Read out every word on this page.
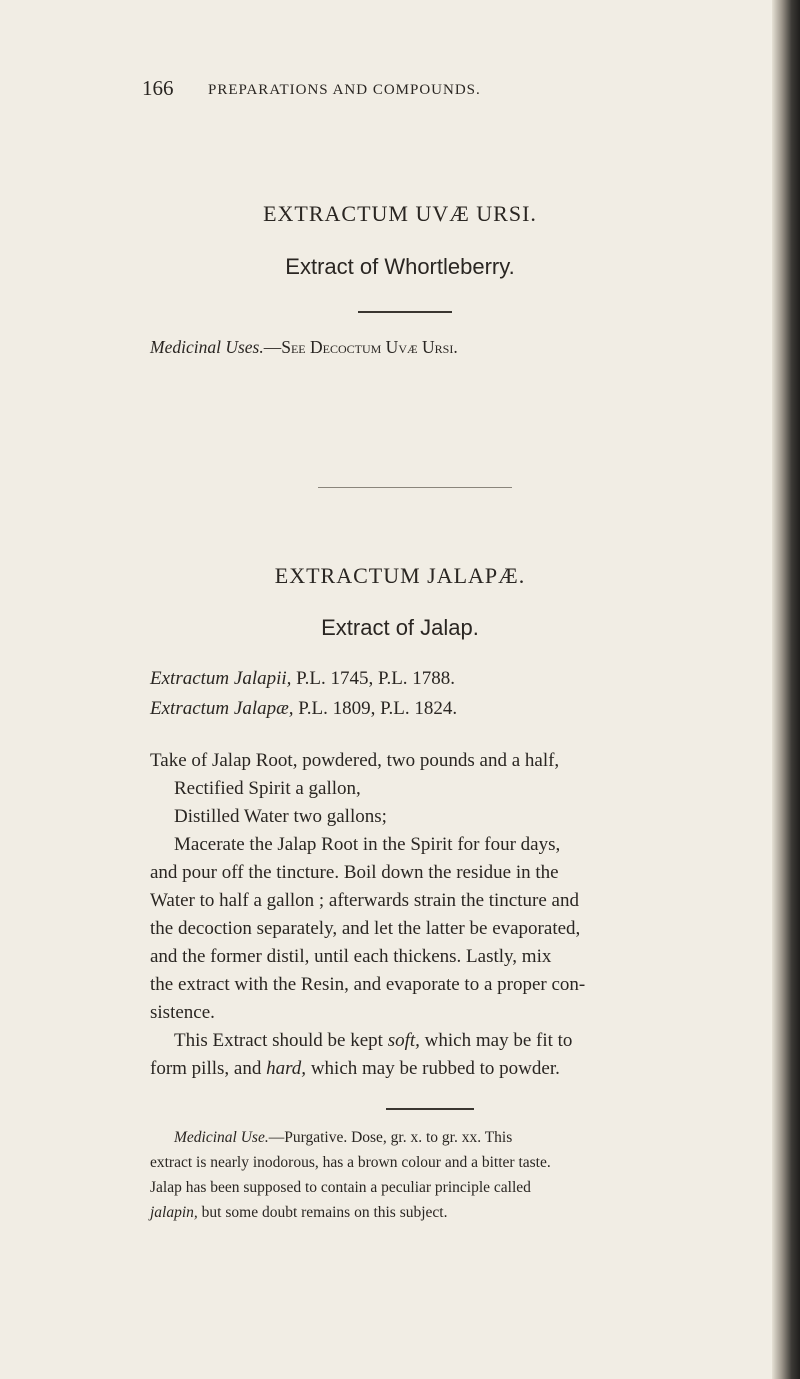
166 PREPARATIONS AND COMPOUNDS.
EXTRACTUM UVÆ URSI.
Extract of Whortleberry.
Medicinal Uses.—See Decoctum Uvæ Ursi.
EXTRACTUM JALAPÆ.
Extract of Jalap.
Extractum Jalapii, P.L. 1745, P.L. 1788.
Extractum Jalapæ, P.L. 1809, P.L. 1824.
Take of Jalap Root, powdered, two pounds and a half,
Rectified Spirit a gallon,
Distilled Water two gallons;
Macerate the Jalap Root in the Spirit for four days,
and pour off the tincture. Boil down the residue in the
Water to half a gallon ; afterwards strain the tincture and
the decoction separately, and let the latter be evaporated,
and the former distil, until each thickens. Lastly, mix
the extract with the Resin, and evaporate to a proper con-
sistence.
This Extract should be kept soft, which may be fit to
form pills, and hard, which may be rubbed to powder.
Medicinal Use.—Purgative. Dose, gr. x. to gr. xx. This
extract is nearly inodorous, has a brown colour and a bitter taste.
Jalap has been supposed to contain a peculiar principle called
jalapin, but some doubt remains on this subject.
